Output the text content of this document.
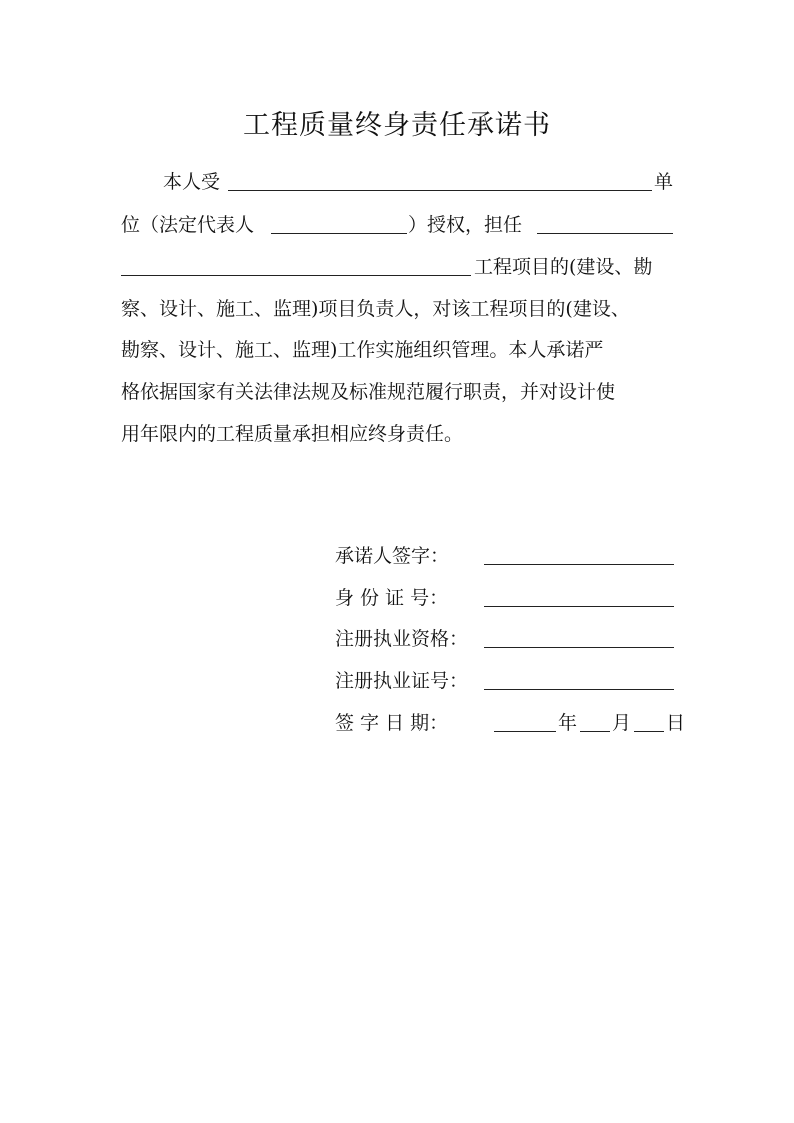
工程质量终身责任承诺书
本人受	单
位（法定代表人	）授权，担任
工程项目的(建设、勘
察、设计、施工、监理)项目负责人，对该工程项目的(建设、
勘察、设计、施工、监理)工作实施组织管理。本人承诺严
格依据国家有关法律法规及标准规范履行职责，并对设计使
用年限内的工程质量承担相应终身责任。
承诺人签字：
身 份 证 号：
注册执业资格：
注册执业证号：
签 字 日 期：	年 月 日
